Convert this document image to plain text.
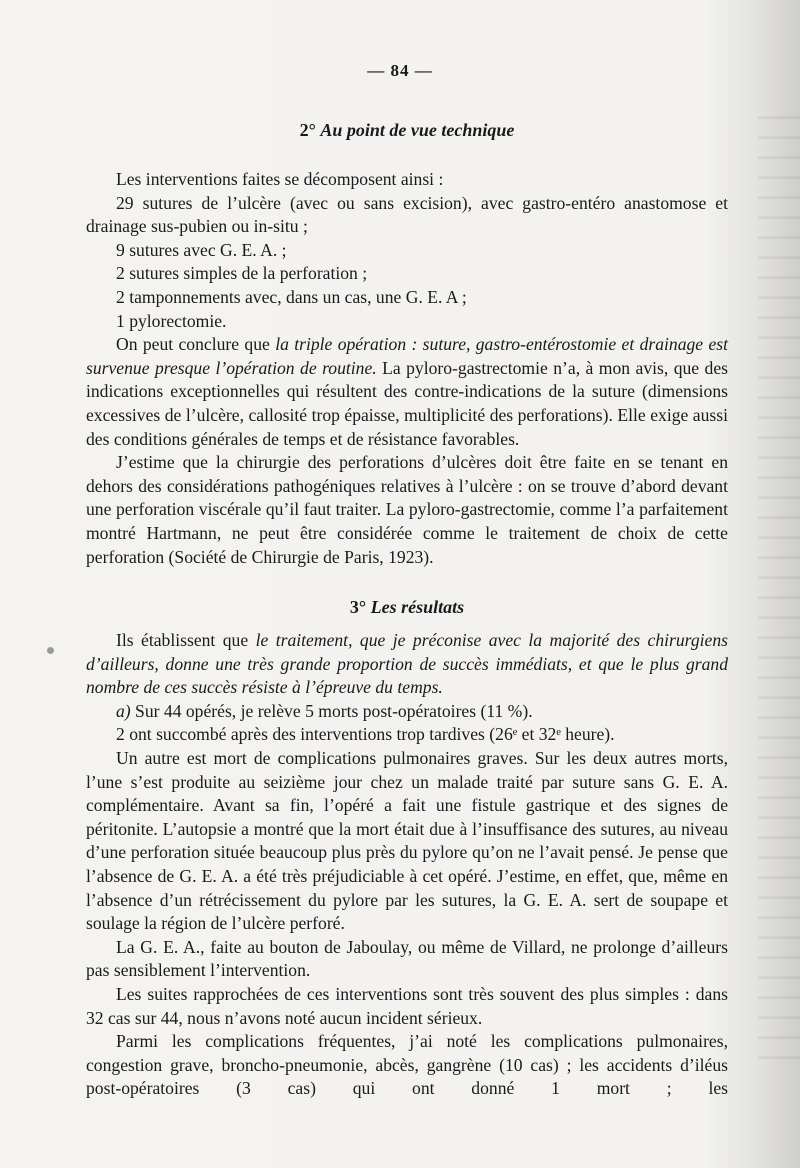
— 84 —
2° Au point de vue technique

Les interventions faites se décomposent ainsi :

29 sutures de l’ulcère (avec ou sans excision), avec gastro-entéro anastomose et drainage sus-pubien ou in-situ ;

9 sutures avec G. E. A. ;

2 sutures simples de la perforation ;

2 tamponnements avec, dans un cas, une G. E. A ;

1 pylorectomie.

On peut conclure que la triple opération : suture, gastro-entérostomie et drainage est survenue presque l’opération de routine. La pyloro-gastrectomie n’a, à mon avis, que des indications exceptionnelles qui résultent des contre-indications de la suture (dimensions excessives de l’ulcère, callosité trop épaisse, multiplicité des perforations). Elle exige aussi des conditions générales de temps et de résistance favorables.

J’estime que la chirurgie des perforations d’ulcères doit être faite en se tenant en dehors des considérations pathogéniques relatives à l’ulcère : on se trouve d’abord devant une perforation viscérale qu’il faut traiter. La pyloro-gastrectomie, comme l’a parfaitement montré Hartmann, ne peut être considérée comme le traitement de choix de cette perforation (Société de Chirurgie de Paris, 1923).

3° Les résultats

Ils établissent que le traitement, que je préconise avec la majorité des chirurgiens d’ailleurs, donne une très grande proportion de succès immédiats, et que le plus grand nombre de ces succès résiste à l’épreuve du temps.

a) Sur 44 opérés, je relève 5 morts post-opératoires (11 %).

2 ont succombé après des interventions trop tardives (26ᵉ et 32ᵉ heure).

Un autre est mort de complications pulmonaires graves. Sur les deux autres morts, l’une s’est produite au seizième jour chez un malade traité par suture sans G. E. A. complémentaire. Avant sa fin, l’opéré a fait une fistule gastrique et des signes de péritonite. L’autopsie a montré que la mort était due à l’insuffisance des sutures, au niveau d’une perforation située beaucoup plus près du pylore qu’on ne l’avait pensé. Je pense que l’absence de G. E. A. a été très préjudiciable à cet opéré. J’estime, en effet, que, même en l’absence d’un rétrécissement du pylore par les sutures, la G. E. A. sert de soupape et soulage la région de l’ulcère perforé.

La G. E. A., faite au bouton de Jaboulay, ou même de Villard, ne prolonge d’ailleurs pas sensiblement l’intervention.

Les suites rapprochées de ces interventions sont très souvent des plus simples : dans 32 cas sur 44, nous n’avons noté aucun incident sérieux.

Parmi les complications fréquentes, j’ai noté les complications pulmonaires, congestion grave, broncho-pneumonie, abcès, gangrène (10 cas) ; les accidents d’iléus post-opératoires (3 cas) qui ont donné 1 mort ; les
